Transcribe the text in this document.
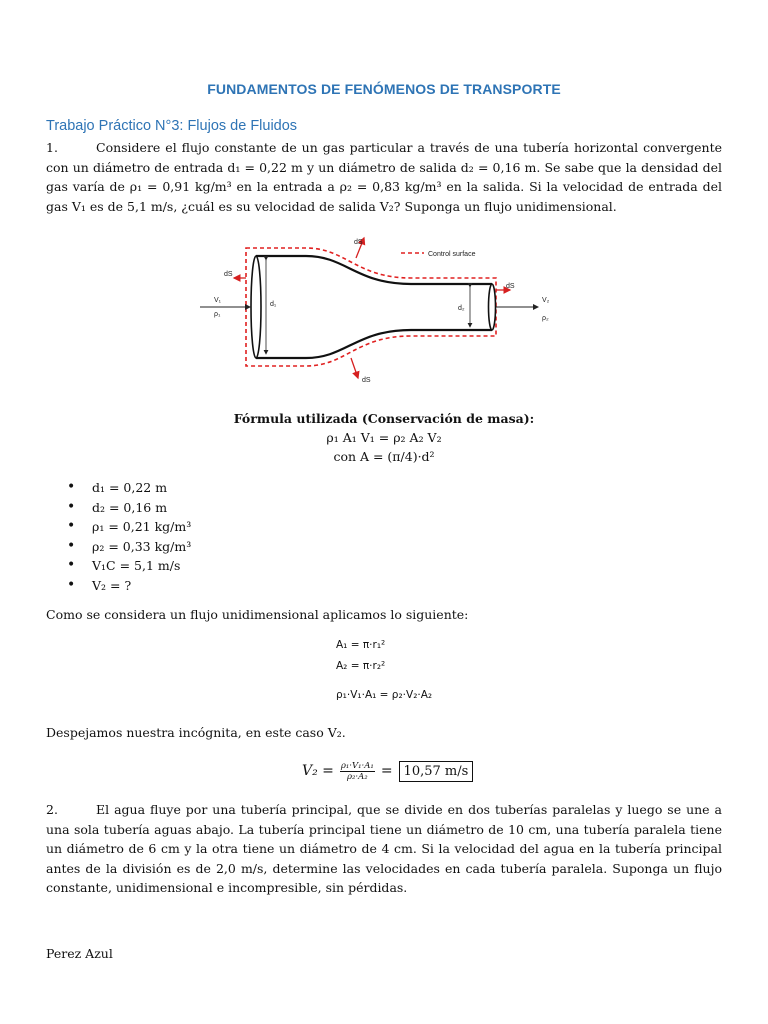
FUNDAMENTOS DE FENÓMENOS DE TRANSPORTE
Trabajo Práctico N°3: Flujos de Fluidos
1.	Considere el flujo constante de un gas particular a través de una tubería horizontal convergente con un diámetro de entrada d₁ = 0,22 m y un diámetro de salida d₂ = 0,16 m. Se sabe que la densidad del gas varía de ρ₁ = 0,91 kg/m³ en la entrada a ρ₂ = 0,83 kg/m³ en la salida. Si la velocidad de entrada del gas V₁ es de 5,1 m/s, ¿cuál es su velocidad de salida V₂? Suponga un flujo unidimensional.
Control surface
dS
dS
dS
dS
V₁
ρ₁
d₁
d₂
V₂
ρ₂
Fórmula utilizada (Conservación de masa):
ρ₁ A₁ V₁ = ρ₂ A₂ V₂
con A = (π/4)·d²
• d₁ = 0,22 m
• d₂ = 0,16 m
• ρ₁ = 0,21 kg/m³
• ρ₂ = 0,33 kg/m³
• V₁C = 5,1 m/s
• V₂ = ?
Como se considera un flujo unidimensional aplicamos lo siguiente:
A₁ = π·r₁²
A₂ = π·r₂²
ρ₁·V₁·A₁ = ρ₂·V₂·A₂
Despejamos nuestra incógnita, en este caso V₂.
$V_2 = \frac{\text{ρ₁·V₁·A₁}}{\text{ρ₂·A₂}} = 10,57$ m/s
2.	El agua fluye por una tubería principal, que se divide en dos tuberías paralelas y luego se une a una sola tubería aguas abajo. La tubería principal tiene un diámetro de 10 cm, una tubería paralela tiene un diámetro de 6 cm y la otra tiene un diámetro de 4 cm. Si la velocidad del agua en la tubería principal antes de la división es de 2,0 m/s, determine las velocidades en cada tubería paralela. Suponga un flujo constante, unidimensional e incompresible, sin pérdidas.
Perez Azul
